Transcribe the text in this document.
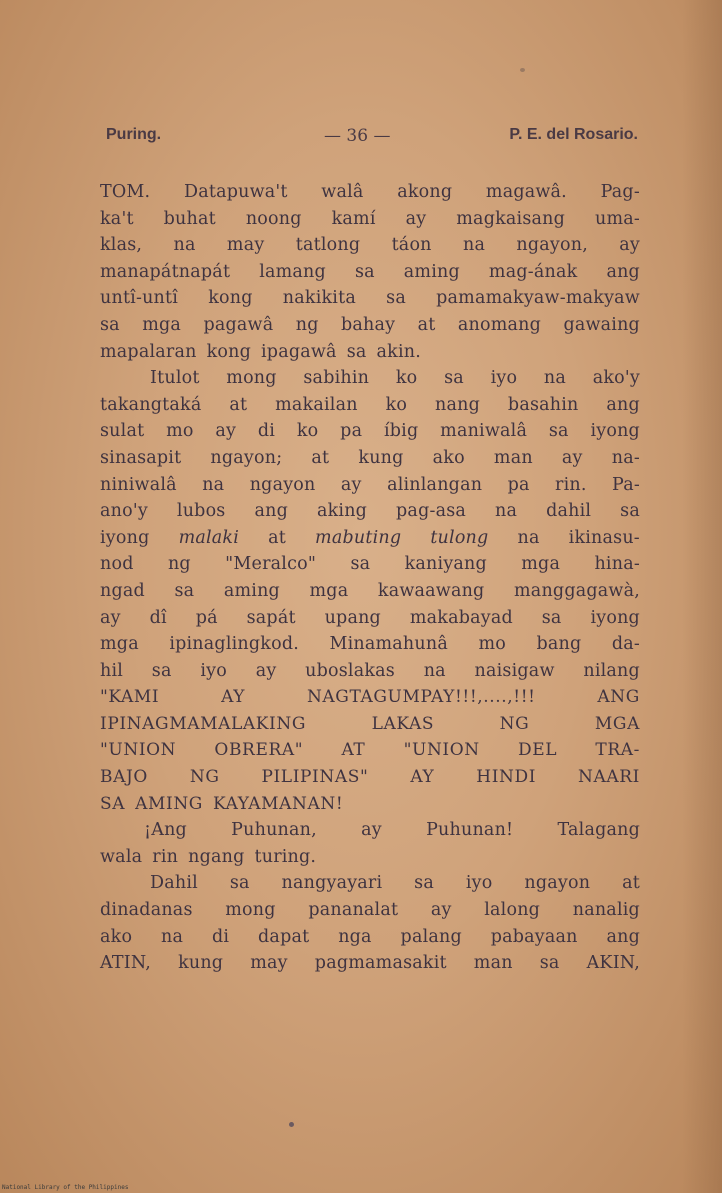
Puring.	— 36 —	P. E. del Rosario.
TOM. Datapuwa't walâ akong magawâ. Pag-
ka't buhat noong kamí ay magkaisang uma-
klas, na may tatlong táon na ngayon, ay
manapátnapát lamang sa aming mag-ának ang
untî-untî kong nakikita sa pamamakyaw-makyaw
sa mga pagawâ ng bahay at anomang gawaing
mapalaran kong ipagawâ sa akin.
Itulot mong sabihin ko sa iyo na ako'y
takangtaká at makailan ko nang basahin ang
sulat mo ay di ko pa íbig maniwalâ sa iyong
sinasapit ngayon; at kung ako man ay na-
niniwalâ na ngayon ay alinlangan pa rin. Pa-
ano'y lubos ang aking pag-asa na dahil sa
iyong malaki at mabuting tulong na ikinasu-
nod ng "Meralco" sa kaniyang mga hina-
ngad sa aming mga kawaawang manggagawà,
ay dî pá sapát upang makabayad sa iyong
mga ipinaglingkod. Minamahunâ mo bang da-
hil sa iyo ay uboslakas na naisigaw nilang
"KAMI	AY	NAGTAGUMPAY!!!,....,!!!	ANG
IPINAGMAMALAKING	LAKAS	NG	MGA
"UNION OBRERA" AT "UNION DEL TRA-
BAJO NG PILIPINAS" AY HINDI NAARI
SA AMING KAYAMANAN!
¡Ang	Puhunan,	ay	Puhunan!	Talagang
wala rin ngang turing.
Dahil sa nangyayari sa iyo ngayon at
dinadanas mong pananalat ay lalong nanalig
ako na di dapat nga palang pabayaan ang
ATIN, kung may pagmamasakit man sa AKIN,
National Library of the Philippines
